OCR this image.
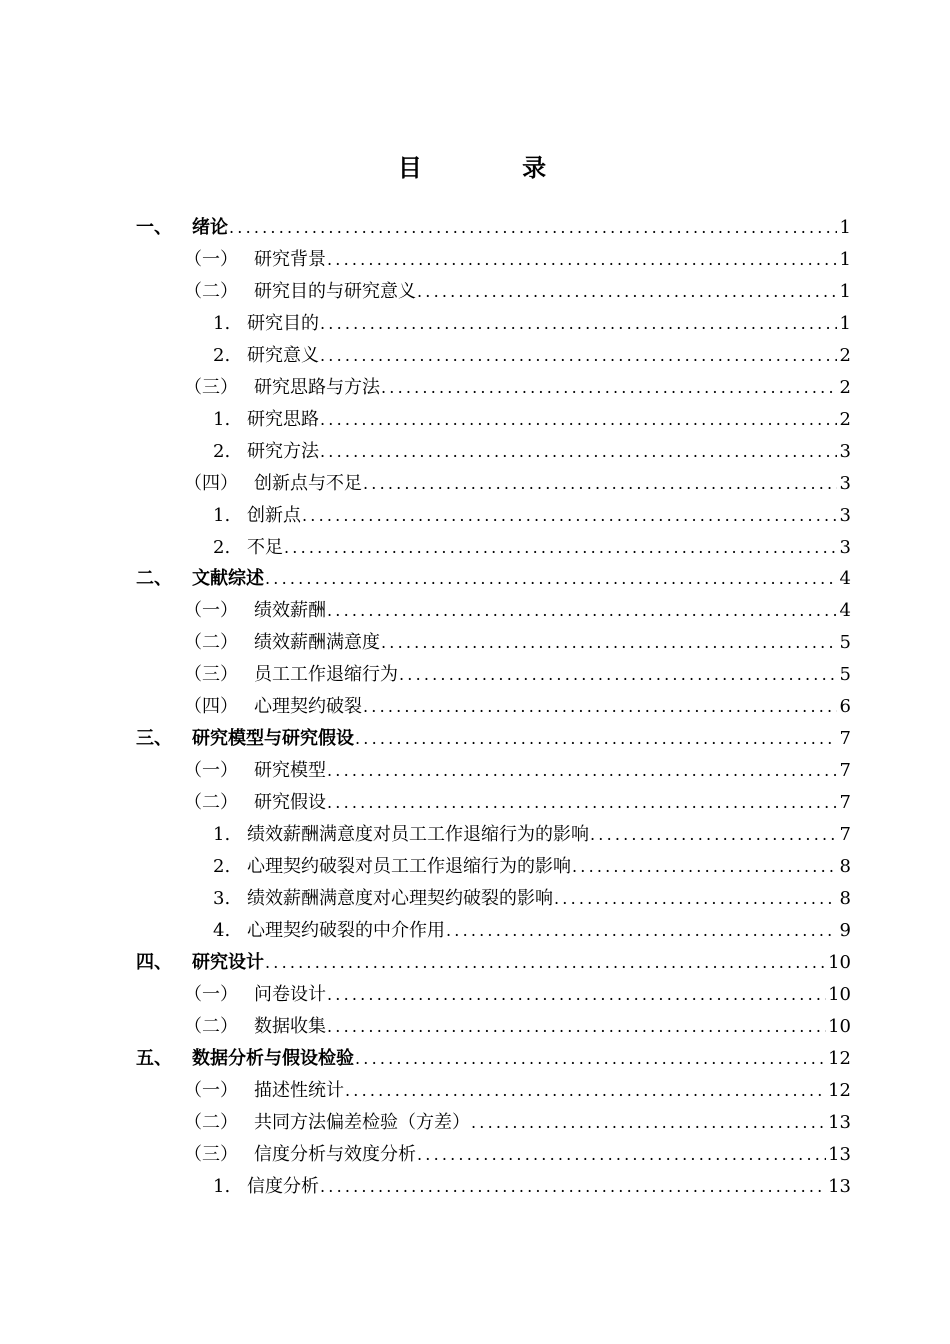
目 录
一、	绪论 .....	1
（一） 研究背景 .....	1
（二） 研究目的与研究意义 .....	1
1. 研究目的 .....	1
2. 研究意义 .....	2
（三） 研究思路与方法 .....	2
1. 研究思路 .....	2
2. 研究方法 .....	3
（四） 创新点与不足 .....	3
1. 创新点 .....	3
2. 不足 .....	3
二、	文献综述 .....	4
（一） 绩效薪酬 .....	4
（二） 绩效薪酬满意度 .....	5
（三） 员工工作退缩行为 .....	5
（四） 心理契约破裂 .....	6
三、	研究模型与研究假设 .....	7
（一） 研究模型 .....	7
（二） 研究假设 .....	7
1. 绩效薪酬满意度对员工工作退缩行为的影响 .....	7
2. 心理契约破裂对员工工作退缩行为的影响 .....	8
3. 绩效薪酬满意度对心理契约破裂的影响 .....	8
4. 心理契约破裂的中介作用 .....	9
四、	研究设计 .....	10
（一） 问卷设计 .....	10
（二） 数据收集 .....	10
五、	数据分析与假设检验 .....	12
（一） 描述性统计 .....	12
（二） 共同方法偏差检验（方差） .....	13
（三） 信度分析与效度分析 .....	13
1. 信度分析 .....	13
